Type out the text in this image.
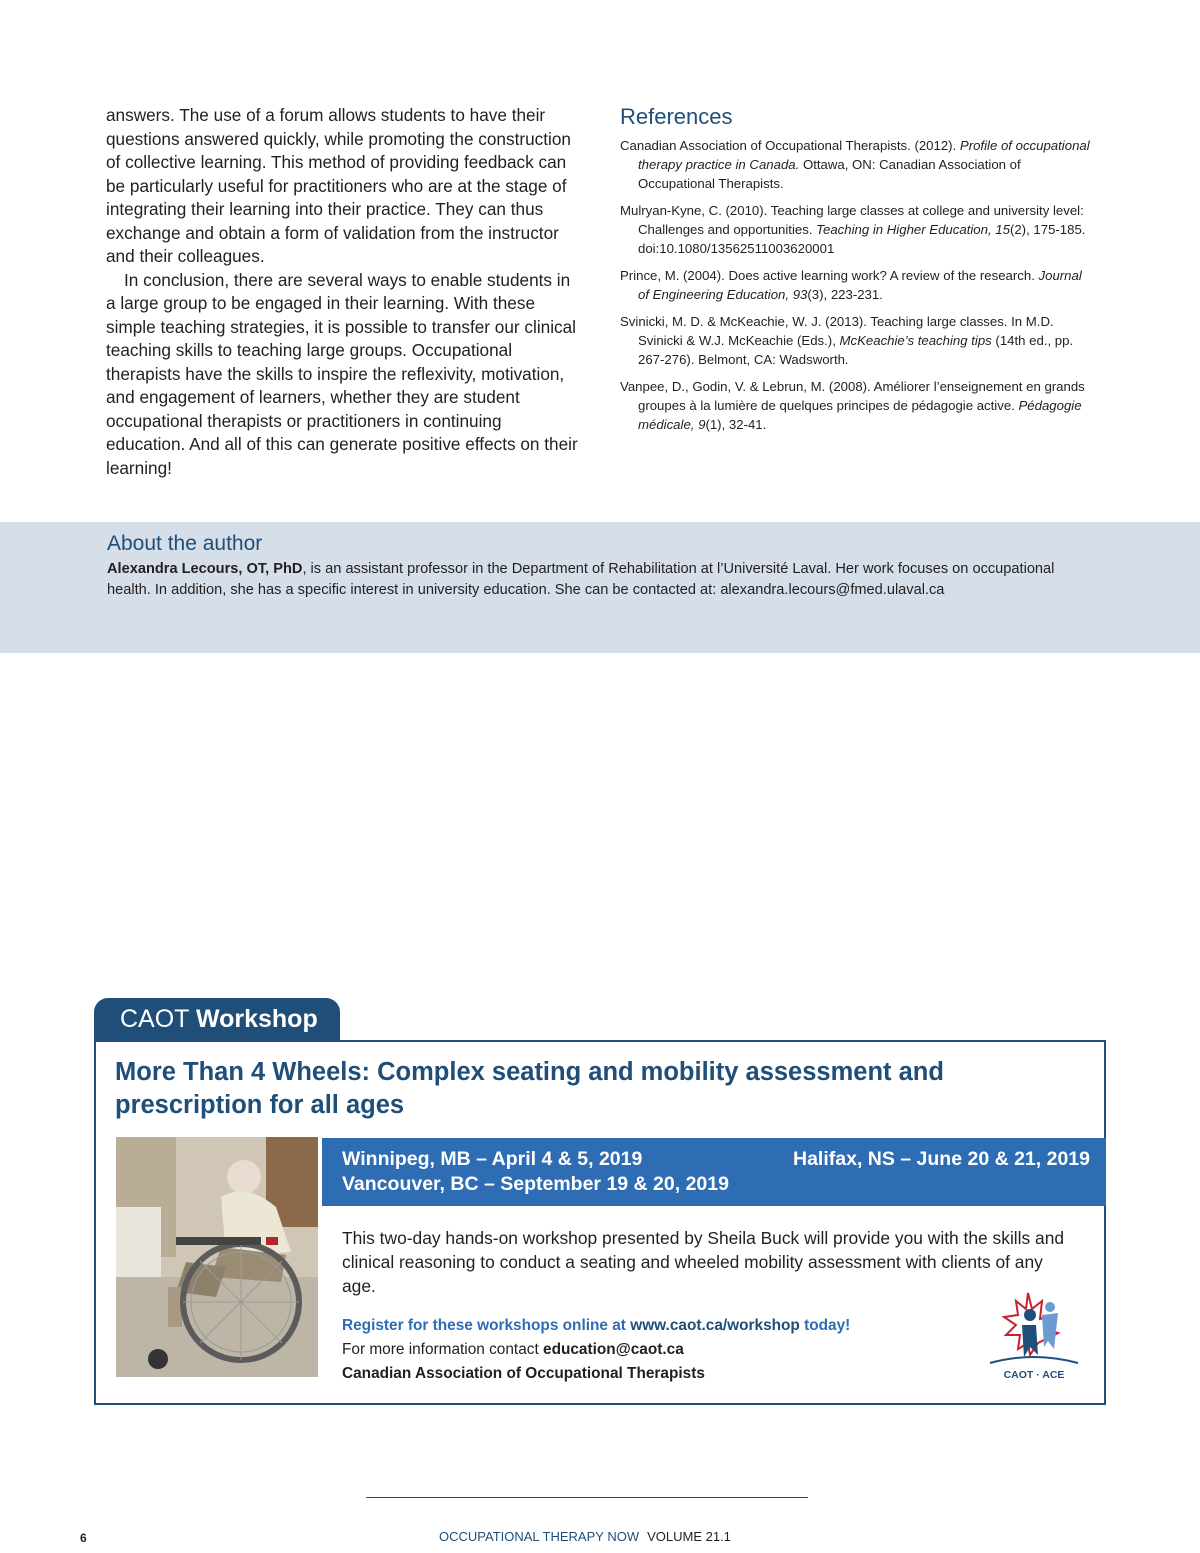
answers. The use of a forum allows students to have their questions answered quickly, while promoting the construction of collective learning. This method of providing feedback can be particularly useful for practitioners who are at the stage of integrating their learning into their practice. They can thus exchange and obtain a form of validation from the instructor and their colleagues.

In conclusion, there are several ways to enable students in a large group to be engaged in their learning. With these simple teaching strategies, it is possible to transfer our clinical teaching skills to teaching large groups. Occupational therapists have the skills to inspire the reflexivity, motivation, and engagement of learners, whether they are student occupational therapists or practitioners in continuing education. And all of this can generate positive effects on their learning!

References

Canadian Association of Occupational Therapists. (2012). Profile of occupational therapy practice in Canada. Ottawa, ON: Canadian Association of Occupational Therapists.

Mulryan-Kyne, C. (2010). Teaching large classes at college and university level: Challenges and opportunities. Teaching in Higher Education, 15(2), 175-185. doi:10.1080/13562511003620001

Prince, M. (2004). Does active learning work? A review of the research. Journal of Engineering Education, 93(3), 223-231.

Svinicki, M. D. & McKeachie, W. J. (2013). Teaching large classes. In M.D. Svinicki & W.J. McKeachie (Eds.), McKeachie’s teaching tips (14th ed., pp. 267-276). Belmont, CA: Wadsworth.

Vanpee, D., Godin, V. & Lebrun, M. (2008). Améliorer l’enseignement en grands groupes à la lumière de quelques principes de pédagogie active. Pédagogie médicale, 9(1), 32-41.

About the author
Alexandra Lecours, OT, PhD, is an assistant professor in the Department of Rehabilitation at l’Université Laval. Her work focuses on occupational health. In addition, she has a specific interest in university education. She can be contacted at: alexandra.lecours@fmed.ulaval.ca
CAOT Workshop
More Than 4 Wheels: Complex seating and mobility assessment and prescription for all ages
Winnipeg, MB – April 4 & 5, 2019	Halifax, NS – June 20 & 21, 2019
Vancouver, BC – September 19 & 20, 2019
This two-day hands-on workshop presented by Sheila Buck will provide you with the skills and clinical reasoning to conduct a seating and wheeled mobility assessment with clients of any age.
Register for these workshops online at www.caot.ca/workshop today!
For more information contact education@caot.ca
Canadian Association of Occupational Therapists	CAOT · ACE
6	OCCUPATIONAL THERAPY NOW VOLUME 21.1
